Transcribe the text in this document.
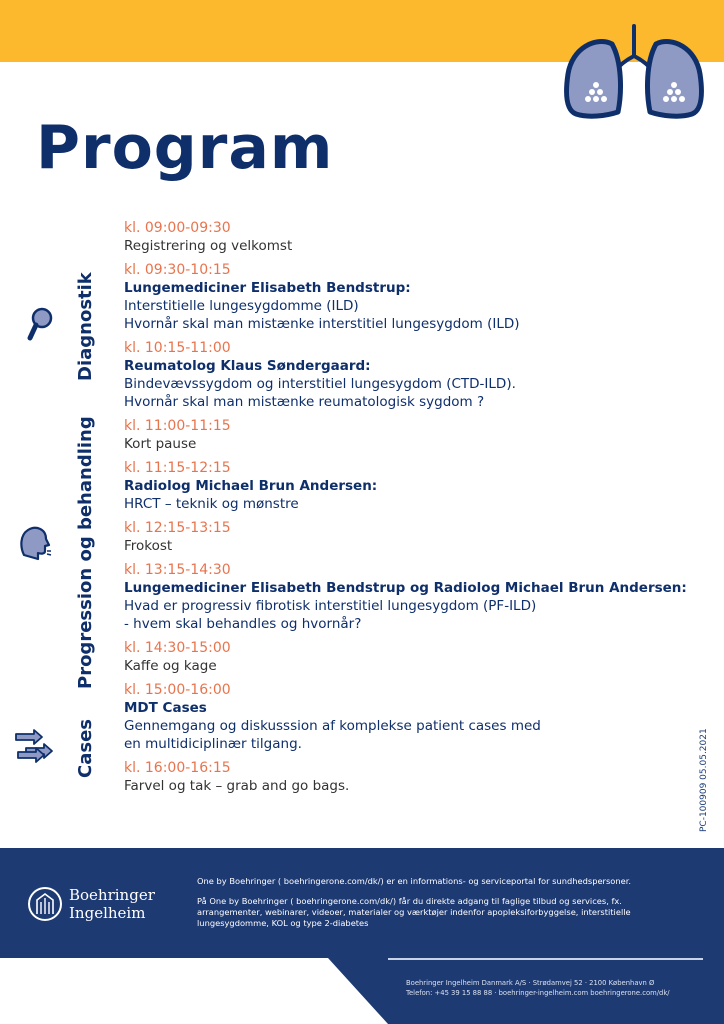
Program
Diagnostik
Progression og behandling
Cases
kl. 09:00-09:30
Registrering og velkomst
kl. 09:30-10:15
Lungemediciner Elisabeth Bendstrup:
Interstitielle lungesygdomme (ILD)
Hvornår skal man mistænke interstitiel lungesygdom (ILD)
kl. 10:15-11:00
Reumatolog Klaus Søndergaard:
Bindevævssygdom og interstitiel lungesygdom (CTD-ILD).
Hvornår skal man mistænke reumatologisk sygdom ?
kl. 11:00-11:15
Kort pause
kl. 11:15-12:15
Radiolog Michael Brun Andersen:
HRCT – teknik og mønstre
kl. 12:15-13:15
Frokost
kl. 13:15-14:30
Lungemediciner Elisabeth Bendstrup og Radiolog Michael Brun Andersen:
Hvad er progressiv fibrotisk interstitiel lungesygdom (PF-ILD)
- hvem skal behandles og hvornår?
kl. 14:30-15:00
Kaffe og kage
kl. 15:00-16:00
MDT Cases
Gennemgang og diskusssion af komplekse patient cases med
en multidiciplinær tilgang.
kl. 16:00-16:15
Farvel og tak – grab and go bags.	PC-100909 05.05.2021
Boehringer
Ingelheim

One by Boehringer ( boehringerone.com/dk/) er en informations- og serviceportal for sundhedspersoner.

På One by Boehringer ( boehringerone.com/dk/) får du direkte adgang til faglige tilbud og services, fx. arrangementer, webinarer, videoer, materialer og værktøjer indenfor apopleksiforbyggelse, interstitielle lungesygdomme, KOL og type 2-diabetes

Boehringer Ingelheim Danmark A/S · Strødamvej 52 · 2100 København Ø
Telefon: +45 39 15 88 88 · boehringer-ingelheim.com boehringerone.com/dk/
